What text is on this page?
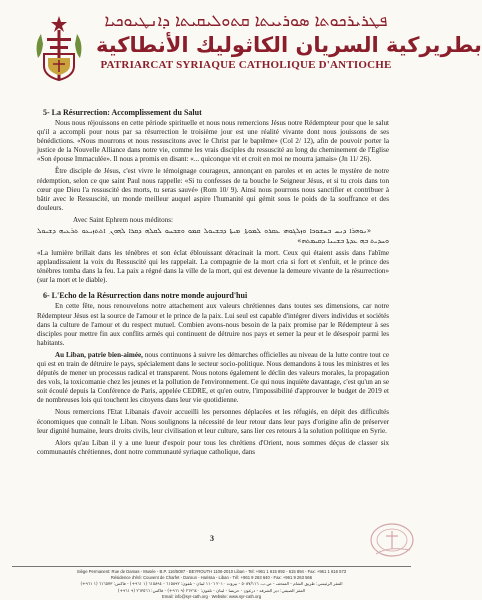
ܦܛܪܝܪܟܘܬܐ ܣܘܪܝܝܬܐ ܩܬܘܠܝܩܝܬܐ ܕܐܢܛܝܘܟܝܐ
بطريركية السريان الكاثوليك الأنطاكية
PATRIARCAT SYRIAQUE CATHOLIQUE D'ANTIOCHE
5- La Résurrection: Accomplissement du Salut

Nous nous réjouissons en cette période spirituelle et nous nous remercions Jésus notre Rédempteur pour que le salut qu'il a accompli pour nous par sa résurrection le troisième jour est une réalité vivante dont nous jouissons de ses bénédictions. «Nous mourrons et nous ressuscitons avec le Christ par le baptême» (Col 2/ 12), afin de pouvoir porter la justice de la Nouvelle Alliance dans notre vie, comme les vrais disciples du ressuscité au long du cheminement de l'Eglise «Son épouse Immaculée». Il nous a promis en disant: «... quiconque vit et croit en moi ne mourra jamais» (Jn 11/ 26).

Être disciple de Jésus, c'est vivre le témoignage courageux, annonçant en paroles et en actes le mystère de notre rédemption, selon ce que saint Paul nous rappelle: «Si tu confesses de ta bouche le Seigneur Jésus, et si tu crois dans ton cœur que Dieu l'a ressuscité des morts, tu seras sauvé» (Rom 10/ 9). Ainsi nous pourrons nous sanctifier et contribuer à bâtir avec le Ressuscité, un monde meilleur auquel aspire l'humanité qui gémit sous le poids de la souffrance et des douleurs.

Avec Saint Ephrem nous méditons:

«ܢܘܗܪܐ ܕܢܚ ܒܚܫܘܟܐ ܘܙܠܓܘܗܝ ܥܩܪܘ ܠܡܘܬܐ܂ ܡܝܬܐ ܕܒܫܝܘܠ ܩܡܘ ܘܫܒܚܘ ܠܩܠܗ ܕܩܪܐ ܠܗܘܢ܂ ܐܬܬܙܝܥܘ ܬܪܥܝܗ ܕܫܝܘܠ ܘܚܕܝܬ ܒܗ ܥܕܬܐ ܒܫܝܢܐ ܕܩܝܡܬܗ»

«La lumière brillait dans les ténèbres et son éclat éblouissant déracinait la mort. Ceux qui étaient assis dans l'abîme applaudissaient la voix du Ressuscité qui les rappelait. La compagnie de la mort cria si fort et s'enfuit, et le prince des ténèbres tomba dans la feu. La paix a régné dans la ville de la mort, qui est devenue la demeure vivante de la résurrection» (sur la mort et le diable).

6- L'Echo de la Résurrection dans notre monde aujourd'hui

En cette fête, nous renouvelons notre attachement aux valeurs chrétiennes dans toutes ses dimensions, car notre Rédempteur Jésus est la source de l'amour et le prince de la paix. Lui seul est capable d'intégrer divers individus et sociétés dans la culture de l'amour et du respect mutuel. Combien avons-nous besoin de la paix promise par le Rédempteur à ses disciples pour mettre fin aux conflits armés qui continuent de détruire nos pays et semer la peur et le désespoir parmi les habitants.

Au Liban, patrie bien-aimée, nous continuons à suivre les démarches officielles au niveau de la lutte contre tout ce qui est en train de détruire le pays, spécialement dans le secteur socio-politique. Nous demandons à tous les ministres et les députés de mener un processus radical et transparent. Nous notons également le déclin des valeurs morales, la propagation des vols, la toxicomanie chez les jeunes et la pollution de l'environnement. Ce qui nous inquiète davantage, c'est qu'un an se soit écoulé depuis la Conférence de Paris, appelée CEDRE, et qu'en outre, l'impossibilité d'approuver le budget de 2019 et de nombreuses lois qui touchent les citoyens dans leur vie quotidienne.

Nous remercions l'Etat Libanais d'avoir accueilli les personnes déplacées et les réfugiés, en dépit des difficultés économiques que connaît le Liban. Nous soulignons la nécessité de leur retour dans leur pays d'origine afin de préserver leur dignité humaine, leurs droits civils, leur civilisation et leur culture, sans lier ces retours à la solution politique en Syrie.

Alors qu'au Liban il y a une lueur d'espoir pour tous les chrétiens d'Orient, nous sommes déçus de classer six communautés chrétiennes, dont notre communauté syriaque catholique, dans

3
Siège Permanent: Rue de Damas - Musée - B.P. 116/5087 - BEYROUTH 1106-2010 Liban - Tel: +961 1 615 892 - 615 894 - Fax: +961 1 616 573
Résidence d'été: Couvent de Charfet - Daroun - Harissa - Liban - Tél: +961 9 263 640 - Fax: +961 9 263 566
المقر الرئيسي: طريق الشام - المتحف - ص.ب. ٥٠٨٧/١١٦ - بيروت ٢٠١٠ ١١٠٦ لبنان - تلفون: ٦١٥٨٩٢ - ٦١٥٨٩٤ (١ ٩٦١+) - فاكس: ٦١٦٥٧٣ (١ ٩٦١+)
المقر الصيفي: دير الشرفة - درعون - حريصا - لبنان - تلفون: ٢٦٣٦٤٠ (٩ ٩٦١+) - فاكس: ٢٦٣٥٦٦ (٩ ٩٦١+)
Email: info@syr-cath.org · Website: www.syr-cath.org
